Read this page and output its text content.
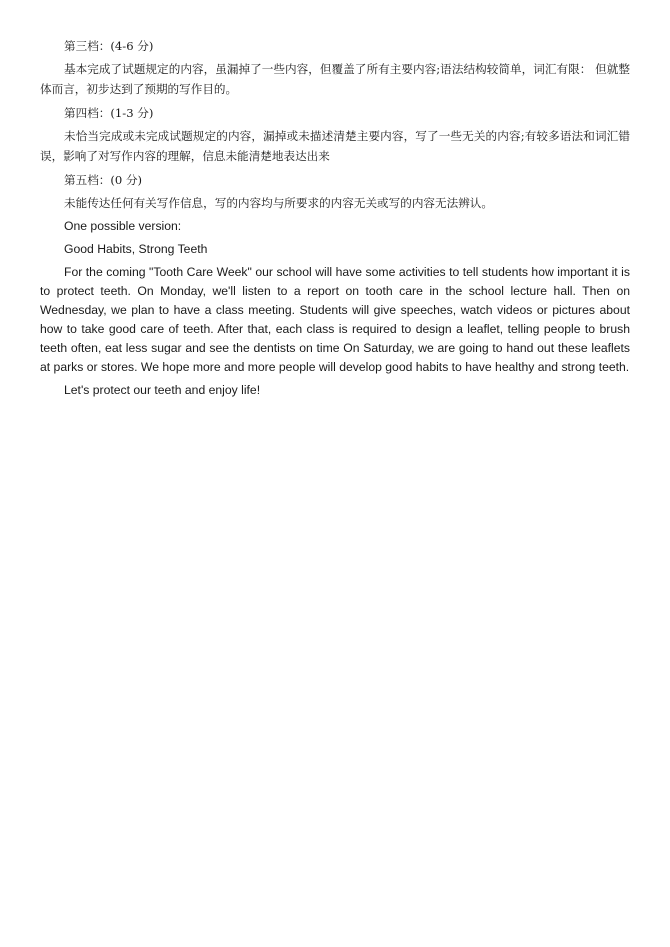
第三档：(4-6 分)

基本完成了试题规定的内容，虽漏掉了一些内容，但覆盖了所有主要内容;语法结构较简单，词汇有限： 但就整体而言，初步达到了预期的写作目的。

第四档：(1-3 分)

未恰当完成或未完成试题规定的内容，漏掉或未描述清楚主要内容，写了一些无关的内容;有较多语法和词汇错误，影响了对写作内容的理解，信息未能清楚地表达出来

第五档：(0 分)

未能传达任何有关写作信息，写的内容均与所要求的内容无关或写的内容无法辨认。

One possible version:

Good Habits, Strong Teeth

For the coming "Tooth Care Week" our school will have some activities to tell students how important it is to protect teeth. On Monday, we'll listen to a report on tooth care in the school lecture hall. Then on Wednesday, we plan to have a class meeting. Students will give speeches, watch videos or pictures about how to take good care of teeth. After that, each class is required to design a leaflet, telling people to brush teeth often, eat less sugar and see the dentists on time On Saturday, we are going to hand out these leaflets at parks or stores. We hope more and more people will develop good habits to have healthy and strong teeth.

Let's protect our teeth and enjoy life!
